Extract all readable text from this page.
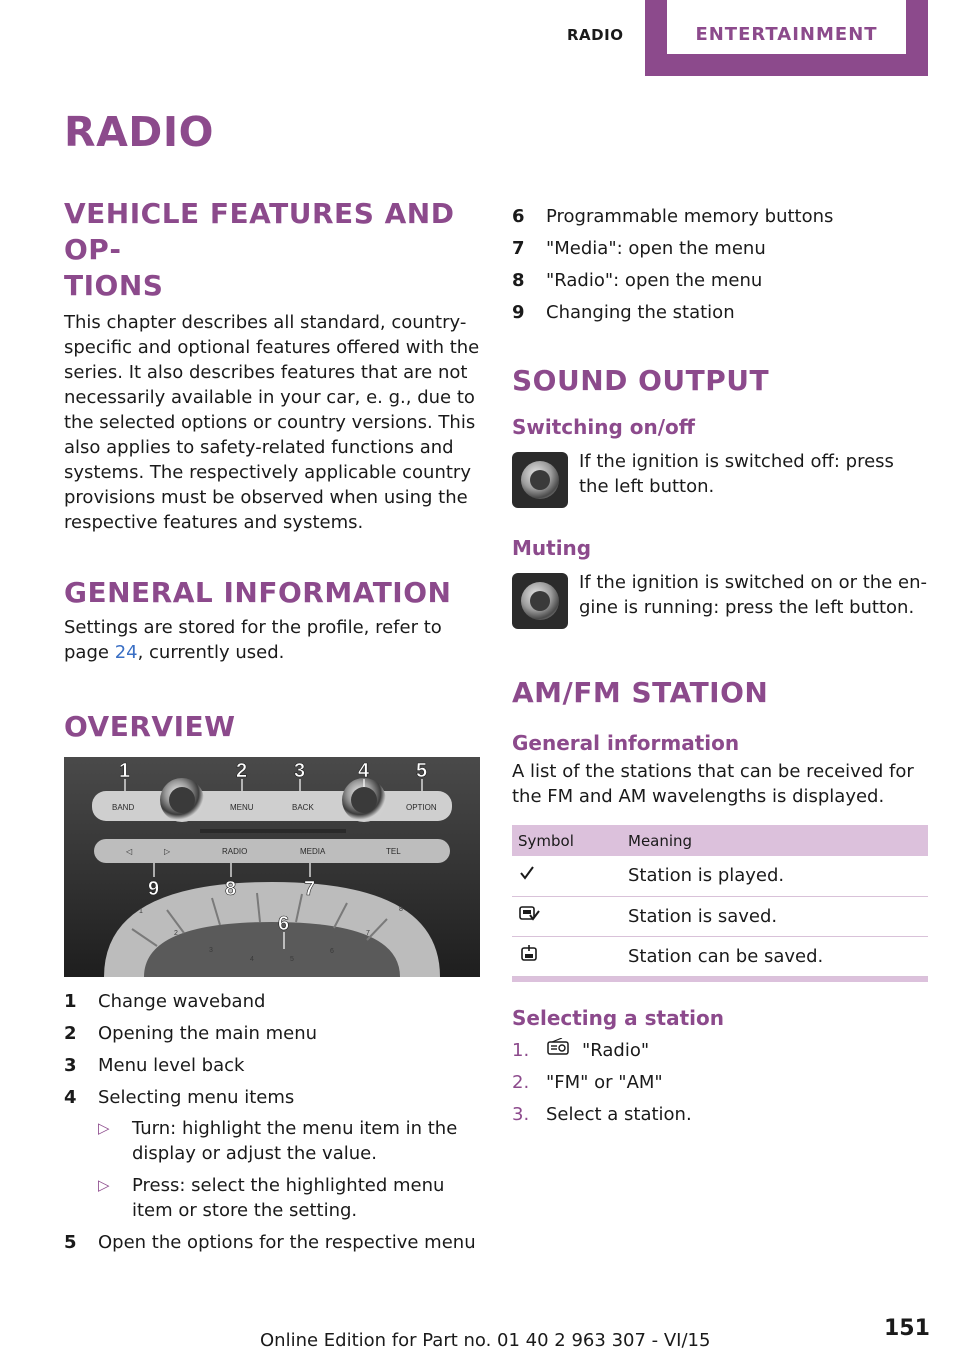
RADIO	ENTERTAINMENT
RADIO
VEHICLE FEATURES AND OP‐
TIONS

This chapter describes all standard, country-specific and optional features offered with the series. It also describes features that are not necessarily available in your car, e. g., due to the selected options or country versions. This also applies to safety-related functions and systems. The respectively applicable country provisions must be observed when using the respective features and systems.

GENERAL INFORMATION

Settings are stored for the profile, refer to page 24, currently used.

OVERVIEW
BAND	MENU	BACK	OPTION
◁	▷	RADIO	MEDIA	TEL
1
2
3
4	5
6
7
8
1	2 3	4 5
9	8	7
6
1	Change waveband
2	Opening the main menu
3	Menu level back
4	Selecting menu items
▷	Turn: highlight the menu item in the display or adjust the value.
▷	Press: select the highlighted menu item or store the setting.
5	Open the options for the respective menu
6	Programmable memory buttons
7	"Media": open the menu
8	"Radio": open the menu
9	Changing the station
SOUND OUTPUT
Switching on/off

If the ignition is switched off: press the left button.

Muting

If the ignition is switched on or the en‐ gine is running: press the left button.

AM/FM STATION
General information

A list of the stations that can be received for the FM and AM wavelengths is displayed.

Symbol	Meaning
	Station is played.
	Station is saved.
	Station can be saved.
Selecting a station
1.	"Radio"
2. "FM" or "AM"
3. Select a station.
151
Online Edition for Part no. 01 40 2 963 307 - VI/15
